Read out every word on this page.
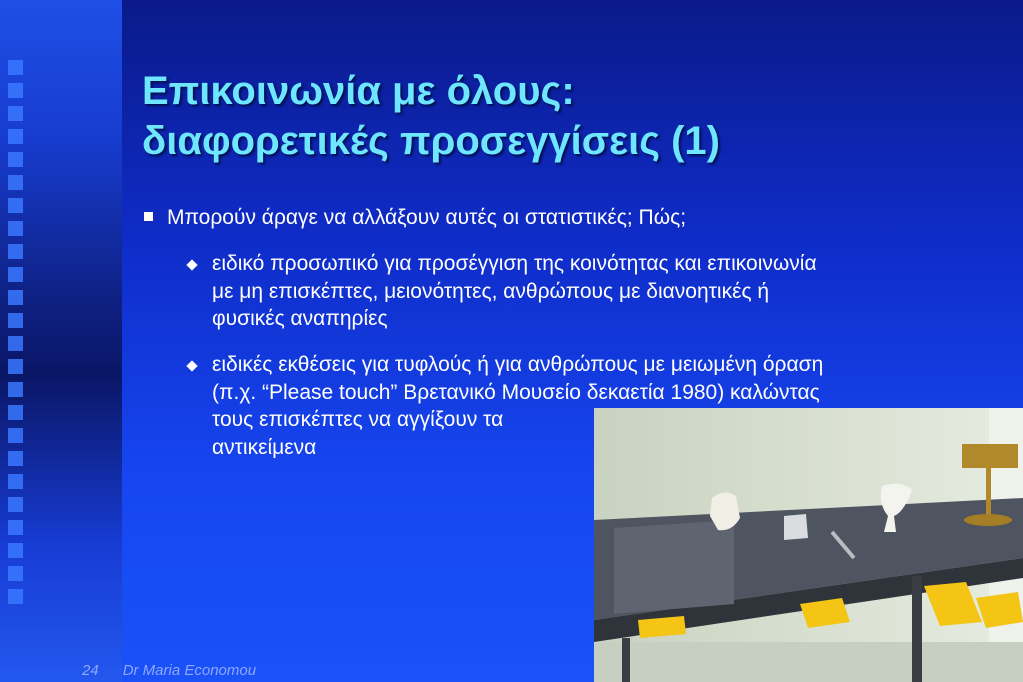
Επικοινωνία με όλους:
διαφορετικές προσεγγίσεις (1)
Μπορούν άραγε να αλλάξουν αυτές οι στατιστικές; Πώς;
ειδικό προσωπικό για προσέγγιση της κοινότητας και επικοινωνία
με μη επισκέπτες, μειονότητες, ανθρώπους με διανοητικές ή
φυσικές αναπηρίες
ειδικές εκθέσεις για τυφλούς ή για ανθρώπους με μειωμένη όραση
(π.χ. “Please touch” Βρετανικό Μουσείο δεκαετία 1980) καλώντας
τους επισκέπτες να αγγίξουν τα
αντικείμενα
24 Dr Maria Economou
